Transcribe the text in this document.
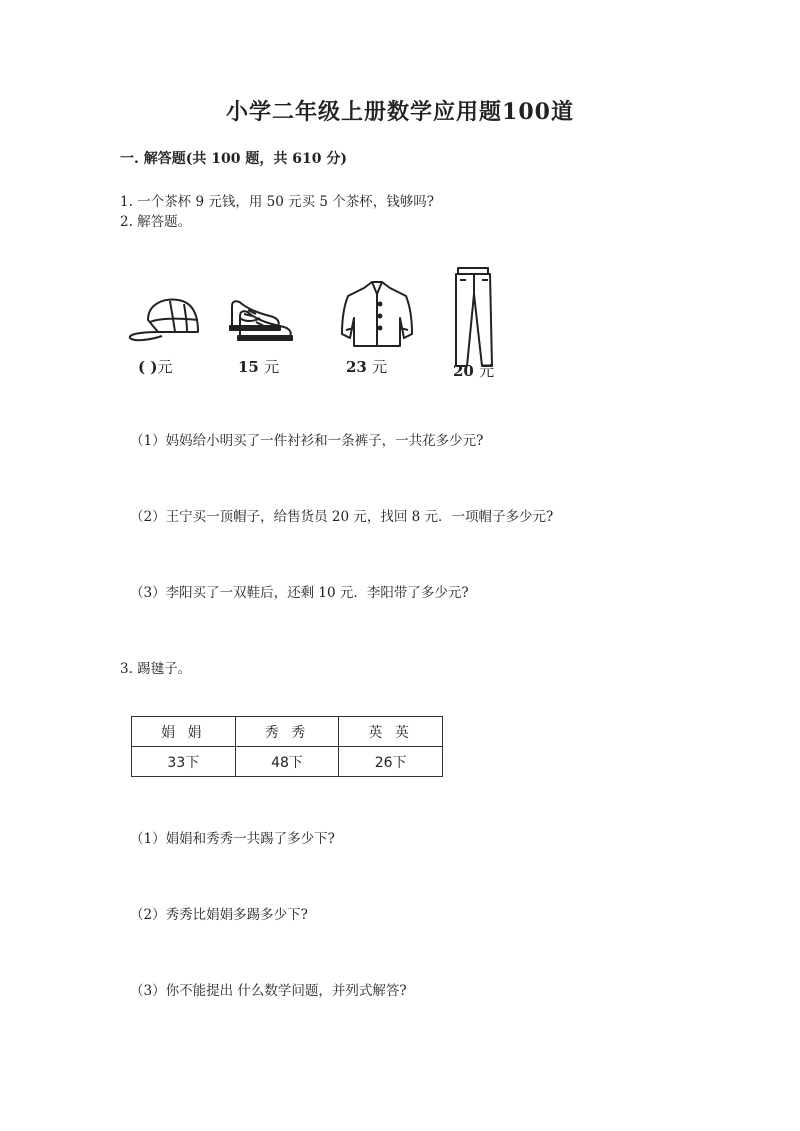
小学二年级上册数学应用题100道
一. 解答题(共 100 题，共 610 分)
1. 一个茶杯 9 元钱，用 50 元买 5 个茶杯，钱够吗?
2. 解答题。
( )元	15 元	23 元	20 元
（1）妈妈给小明买了一件衬衫和一条裤子，一共花多少元?
（2）王宁买一顶帽子，给售货员 20 元，找回 8 元．一项帽子多少元?
（3）李阳买了一双鞋后，还剩 10 元．李阳带了多少元?
3. 踢毽子。
娟 娟	秀 秀	英 英
33下	48下	26下
（1）娟娟和秀秀一共踢了多少下?
（2）秀秀比娟娟多踢多少下?
（3）你不能提出 什么数学问题，并列式解答?
